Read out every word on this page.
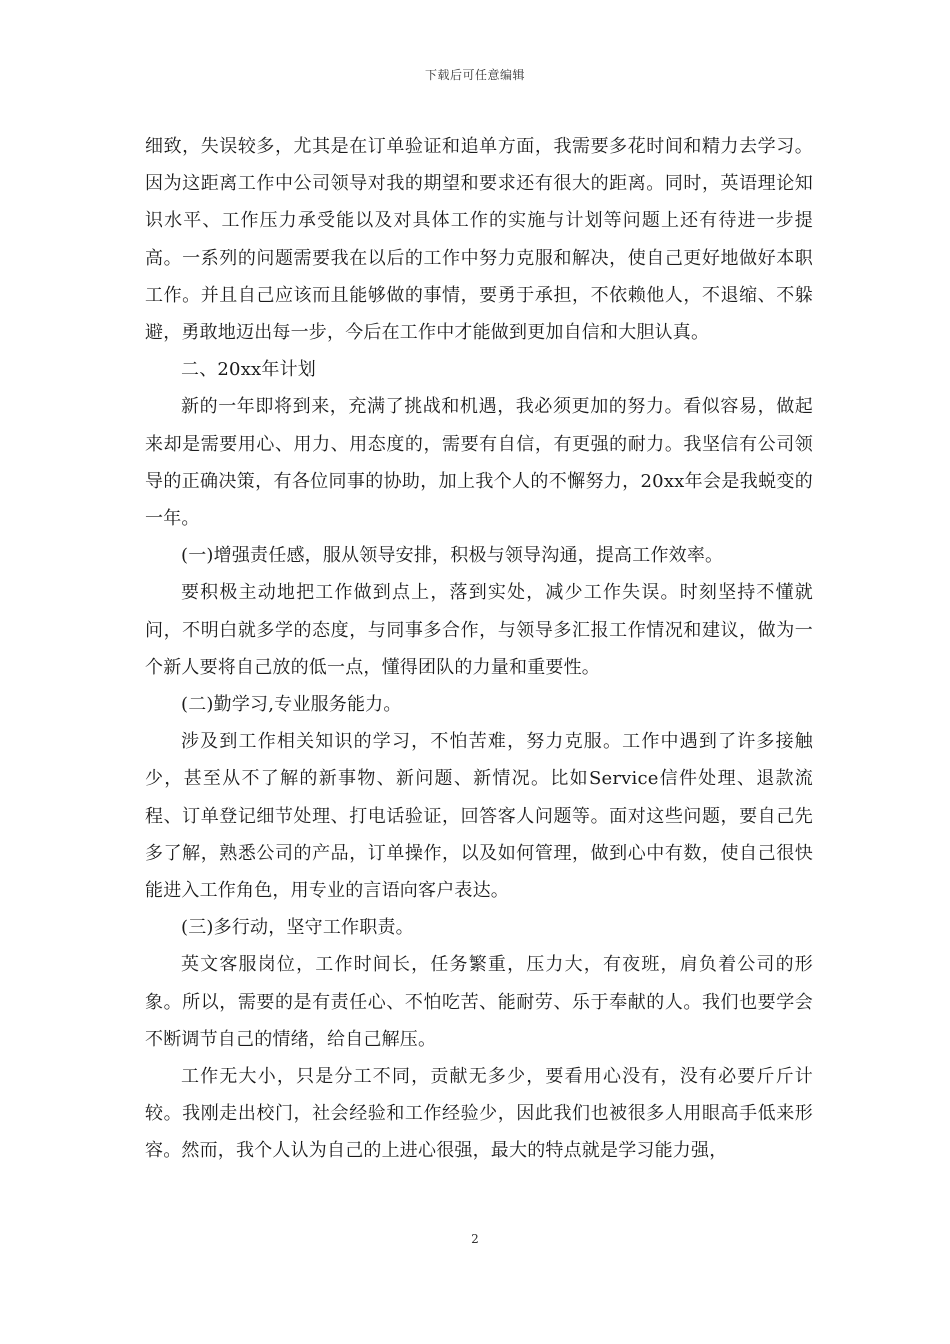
下载后可任意编辑

细致，失误较多，尤其是在订单验证和追单方面，我需要多花时间和精力去学习。因为这距离工作中公司领导对我的期望和要求还有很大的距离。同时，英语理论知识水平、工作压力承受能以及对具体工作的实施与计划等问题上还有待进一步提高。一系列的问题需要我在以后的工作中努力克服和解决，使自己更好地做好本职工作。并且自己应该而且能够做的事情，要勇于承担，不依赖他人，不退缩、不躲避，勇敢地迈出每一步，今后在工作中才能做到更加自信和大胆认真。

二、20xx年计划

新的一年即将到来，充满了挑战和机遇，我必须更加的努力。看似容易，做起来却是需要用心、用力、用态度的，需要有自信，有更强的耐力。我坚信有公司领导的正确决策，有各位同事的协助，加上我个人的不懈努力，20xx年会是我蜕变的一年。

(一)增强责任感，服从领导安排，积极与领导沟通，提高工作效率。

要积极主动地把工作做到点上，落到实处，减少工作失误。时刻坚持不懂就问，不明白就多学的态度，与同事多合作，与领导多汇报工作情况和建议，做为一个新人要将自己放的低一点，懂得团队的力量和重要性。

(二)勤学习,专业服务能力。

涉及到工作相关知识的学习，不怕苦难，努力克服。工作中遇到了许多接触少，甚至从不了解的新事物、新问题、新情况。比如Service信件处理、退款流程、订单登记细节处理、打电话验证，回答客人问题等。面对这些问题，要自己先多了解，熟悉公司的产品，订单操作，以及如何管理，做到心中有数，使自己很快能进入工作角色，用专业的言语向客户表达。

(三)多行动，坚守工作职责。

英文客服岗位，工作时间长，任务繁重，压力大，有夜班，肩负着公司的形象。所以，需要的是有责任心、不怕吃苦、能耐劳、乐于奉献的人。我们也要学会不断调节自己的情绪，给自己解压。

工作无大小，只是分工不同，贡献无多少，要看用心没有，没有必要斤斤计较。我刚走出校门，社会经验和工作经验少，因此我们也被很多人用眼高手低来形容。然而，我个人认为自己的上进心很强，最大的特点就是学习能力强，

2
